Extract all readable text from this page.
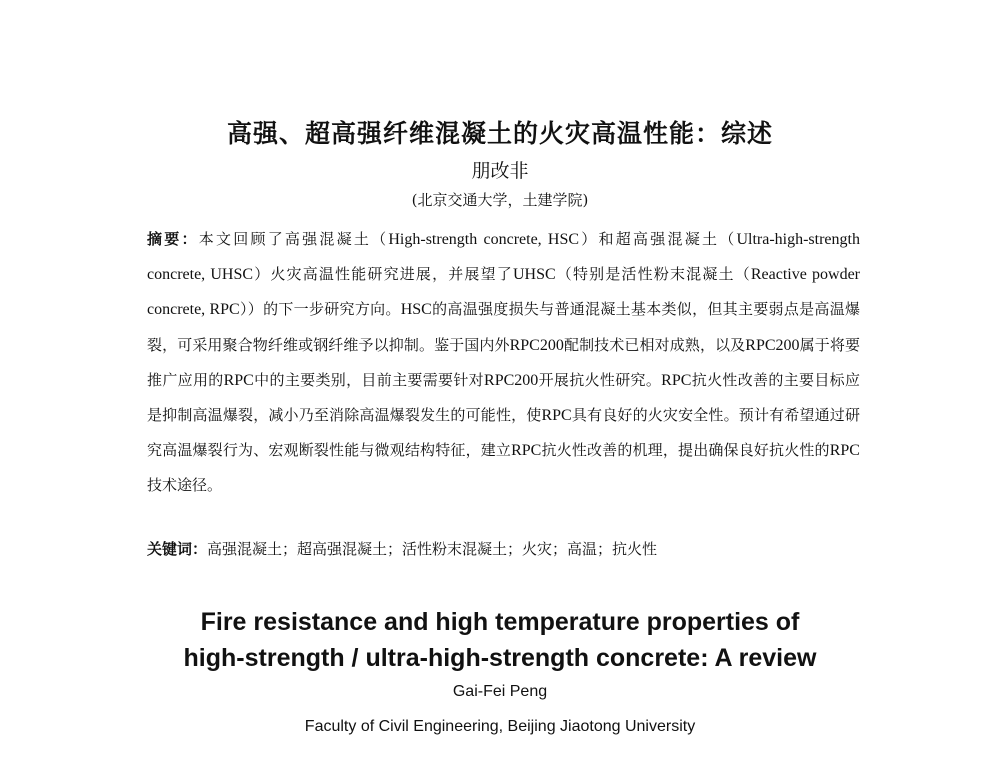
高强、超高强纤维混凝土的火灾高温性能：综述
朋改非
(北京交通大学，土建学院)
摘要：本文回顾了高强混凝土（High-strength concrete, HSC）和超高强混凝土（Ultra-high-strength concrete, UHSC）火灾高温性能研究进展，并展望了UHSC（特别是活性粉末混凝土（Reactive powder concrete, RPC））的下一步研究方向。HSC的高温强度损失与普通混凝土基本类似，但其主要弱点是高温爆裂，可采用聚合物纤维或钢纤维予以抑制。鉴于国内外RPC200配制技术已相对成熟，以及RPC200属于将要推广应用的RPC中的主要类别，目前主要需要针对RPC200开展抗火性研究。RPC抗火性改善的主要目标应是抑制高温爆裂，减小乃至消除高温爆裂发生的可能性，使RPC具有良好的火灾安全性。预计有希望通过研究高温爆裂行为、宏观断裂性能与微观结构特征，建立RPC抗火性改善的机理，提出确保良好抗火性的RPC技术途径。
关键词：高强混凝土；超高强混凝土；活性粉末混凝土；火灾；高温；抗火性
Fire resistance and high temperature properties of
high-strength / ultra-high-strength concrete: A review
Gai-Fei Peng
Faculty of Civil Engineering, Beijing Jiaotong University
